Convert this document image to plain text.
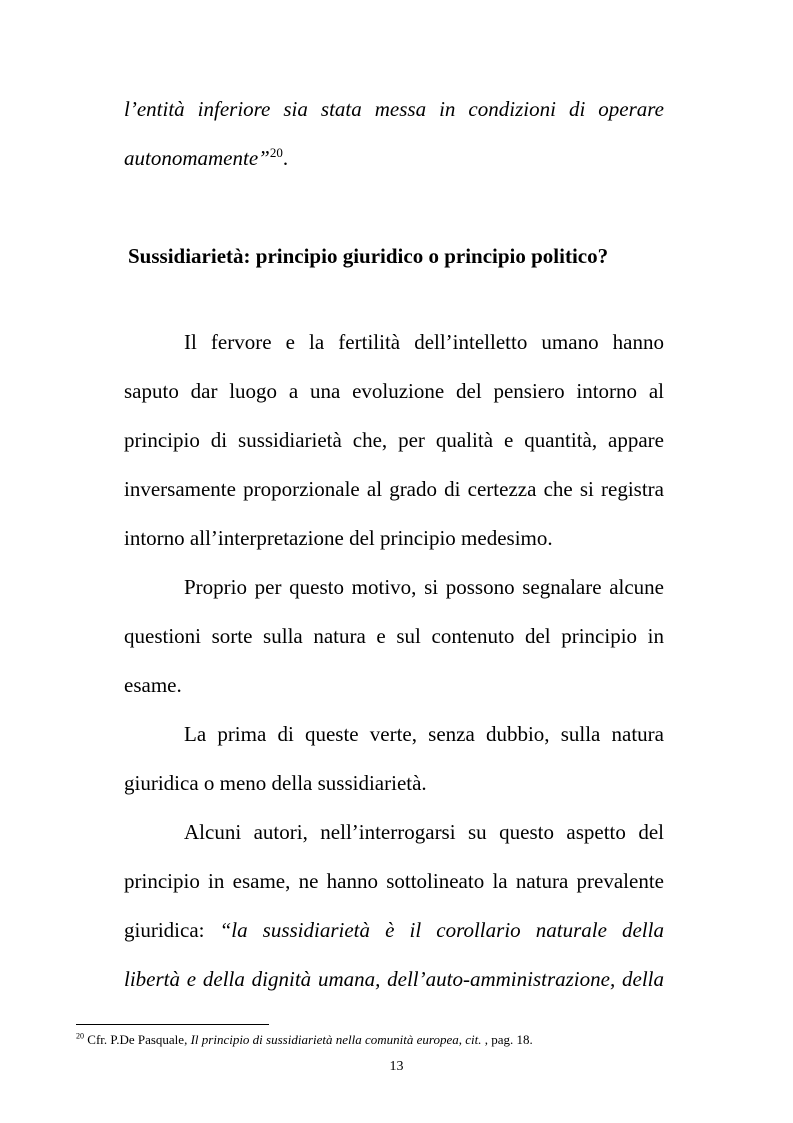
l’entità inferiore sia stata messa in condizioni di operare
autonomamente”$^{20}$.
Sussidiarietà: principio giuridico o principio politico?
Il fervore e la fertilità dell’intelletto umano hanno
saputo dar luogo a una evoluzione del pensiero intorno al
principio di sussidiarietà che, per qualità e quantità, appare
inversamente proporzionale al grado di certezza che si registra
intorno all’interpretazione del principio medesimo.
Proprio per questo motivo, si possono segnalare alcune
questioni sorte sulla natura e sul contenuto del principio in
esame.
La prima di queste verte, senza dubbio, sulla natura
giuridica o meno della sussidiarietà.
Alcuni autori, nell’interrogarsi su questo aspetto del
principio in esame, ne hanno sottolineato la natura prevalente
giuridica: “la sussidiarietà è il corollario naturale della
libertà e della dignità umana, dell’auto-amministrazione, della
$^{20}$ Cfr. P.De Pasquale, Il principio di sussidiarietà nella comunità europea, cit. , pag. 18.
13
